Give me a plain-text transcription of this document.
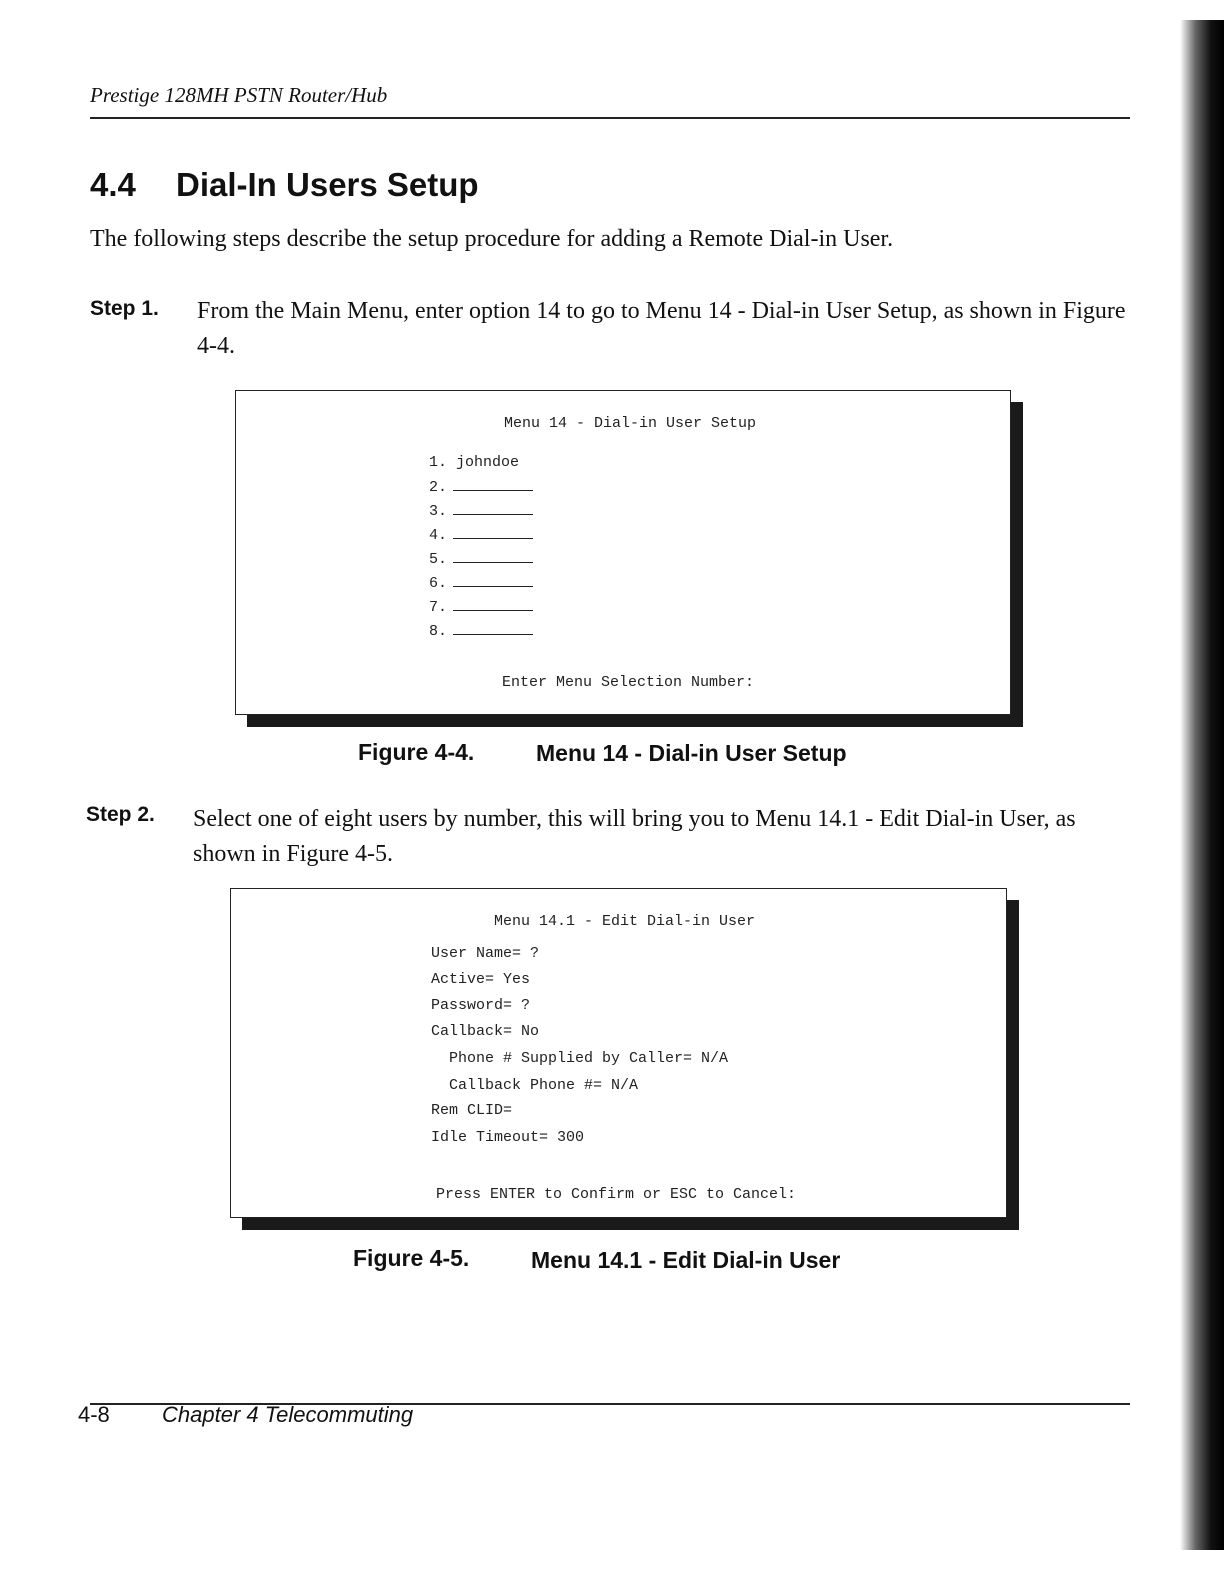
Prestige 128MH PSTN Router/Hub
4.4 Dial-In Users Setup
The following steps describe the setup procedure for adding a Remote Dial-in User.
Step 1. From the Main Menu, enter option 14 to go to Menu 14 - Dial-in User Setup, as shown in Figure 4-4.
Menu 14 - Dial-in User Setup
1. johndoe
2.
3.
4.
5.
6.
7.
8.
Enter Menu Selection Number:
Figure 4-4.	Menu 14 - Dial-in User Setup
Step 2. Select one of eight users by number, this will bring you to Menu 14.1 - Edit Dial-in User, as shown in Figure 4-5.
Menu 14.1 - Edit Dial-in User
User Name= ?
Active= Yes
Password= ?
Callback= No
Phone # Supplied by Caller= N/A
Callback Phone #= N/A
Rem CLID=
Idle Timeout= 300
Press ENTER to Confirm or ESC to Cancel:
Figure 4-5.	Menu 14.1 - Edit Dial-in User
4-8 Chapter 4 Telecommuting
